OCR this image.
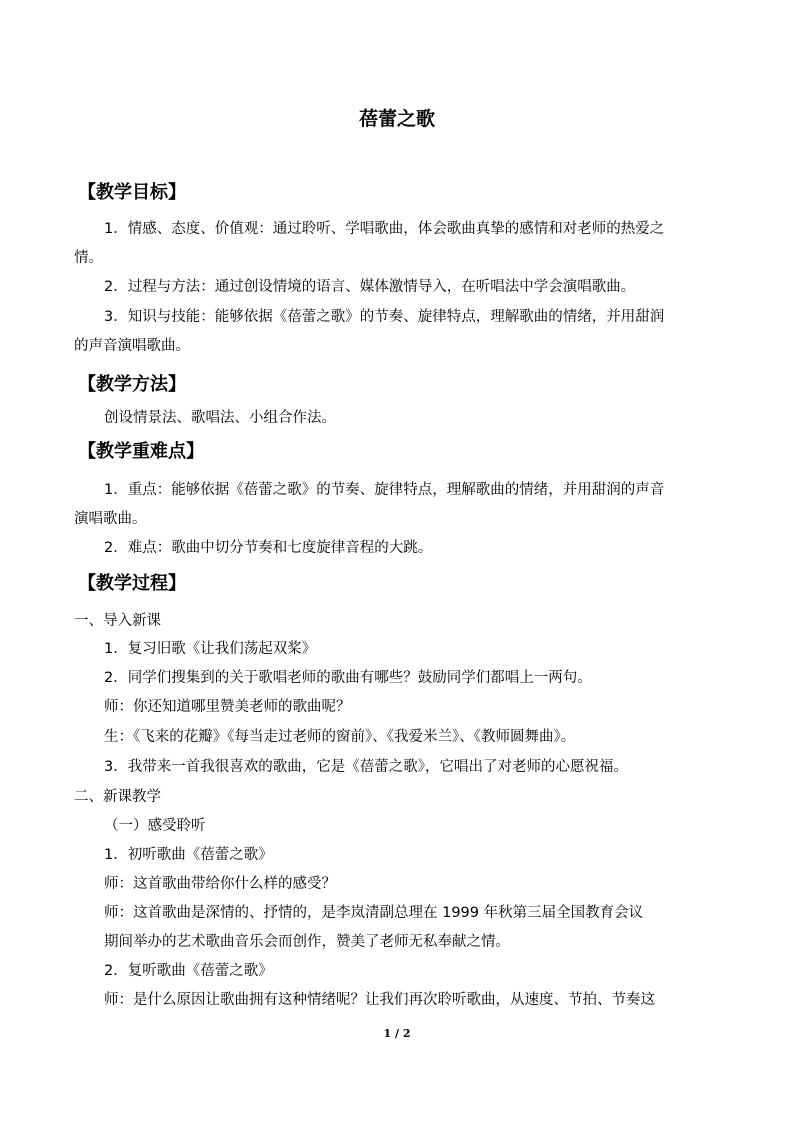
蓓蕾之歌
【教学目标】
1．情感、态度、价值观：通过聆听、学唱歌曲，体会歌曲真挚的感情和对老师的热爱之
情。
2．过程与方法：通过创设情境的语言、媒体激情导入，在听唱法中学会演唱歌曲。
3．知识与技能：能够依据《蓓蕾之歌》的节奏、旋律特点，理解歌曲的情绪，并用甜润
的声音演唱歌曲。
【教学方法】
创设情景法、歌唱法、小组合作法。
【教学重难点】
1．重点：能够依据《蓓蕾之歌》的节奏、旋律特点，理解歌曲的情绪，并用甜润的声音
演唱歌曲。
2．难点：歌曲中切分节奏和七度旋律音程的大跳。
【教学过程】
一、导入新课
1．复习旧歌《让我们荡起双桨》
2．同学们搜集到的关于歌唱老师的歌曲有哪些？鼓励同学们都唱上一两句。
师：你还知道哪里赞美老师的歌曲呢？
生：《飞来的花瓣》《每当走过老师的窗前》、《我爱米兰》、《教师圆舞曲》。
3．我带来一首我很喜欢的歌曲，它是《蓓蕾之歌》，它唱出了对老师的心愿祝福。
二、新课教学
（一）感受聆听
1．初听歌曲《蓓蕾之歌》
师：这首歌曲带给你什么样的感受？
师：这首歌曲是深情的、抒情的，是李岚清副总理在 1999 年秋第三届全国教育会议
期间举办的艺术歌曲音乐会而创作，赞美了老师无私奉献之情。
2．复听歌曲《蓓蕾之歌》
师：是什么原因让歌曲拥有这种情绪呢？让我们再次聆听歌曲，从速度、节拍、节奏这
1 / 2
